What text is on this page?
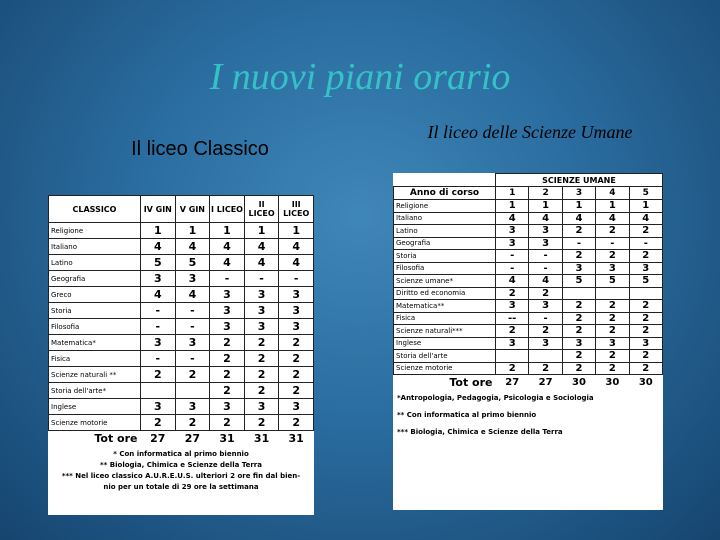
I nuovi piani orario
Il liceo Classico
Il liceo delle Scienze Umane
CLASSICO	IV GIN	V GIN	I LICEO	II LICEO	III LICEO
Religione	1	1	1	1	1
Italiano	4	4	4	4	4
Latino	5	5	4	4	4
Geografia	3	3	-	-	-
Greco	4	4	3	3	3
Storia	-	-	3	3	3
Filosofia	-	-	3	3	3
Matematica*	3	3	2	2	2
Fisica	-	-	2	2	2
Scienze naturali **	2	2	2	2	2
Storia dell'arte*			2	2	2
Inglese	3	3	3	3	3
Scienze motorie	2	2	2	2	2
Tot ore	27	27	31	31	31
* Con informatica al primo biennio
** Biologia, Chimica e Scienze della Terra
*** Nel liceo classico A.U.R.E.U.S. ulteriori 2 ore fin dal bien-
nio per un totale di 29 ore la settimana
	SCIENZE UMANE				
Anno di corso	1	2	3	4	5
Religione	1	1	1	1	1
Italiano	4	4	4	4	4
Latino	3	3	2	2	2
Geografia	3	3	-	-	-
Storia	-	-	2	2	2
Filosofia	-	-	3	3	3
Scienze umane*	4	4	5	5	5
Diritto ed economia	2	2			
Matematica**	3	3	2	2	2
Fisica	--	-	2	2	2
Scienze naturali***	2	2	2	2	2
Inglese	3	3	3	3	3
Storia dell'arte			2	2	2
Scienze motorie	2	2	2	2	2
Tot ore	27	27	30	30	30
*Antropologia, Pedagogia, Psicologia e Sociologia
** Con informatica al primo biennio
*** Biologia, Chimica e Scienze della Terra
